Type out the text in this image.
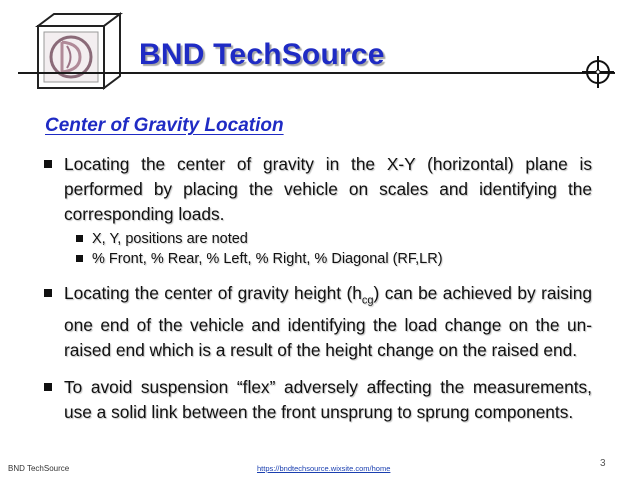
BND TechSource
Center of Gravity Location
Locating the center of gravity in the X-Y (horizontal) plane is performed by placing the vehicle on scales and identifying the corresponding loads.
X, Y, positions are noted
% Front, % Rear, % Left, % Right, % Diagonal (RF,LR)
Locating the center of gravity height $(h_{cg})$ can be achieved by raising one end of the vehicle and identifying the load change on the un-raised end which is a result of the height change on the raised end.
To avoid suspension “flex” adversely affecting the measurements, use a solid link between the front unsprung to sprung components.
BND TechSource	https://bndtechsource.wixsite.com/home	3
